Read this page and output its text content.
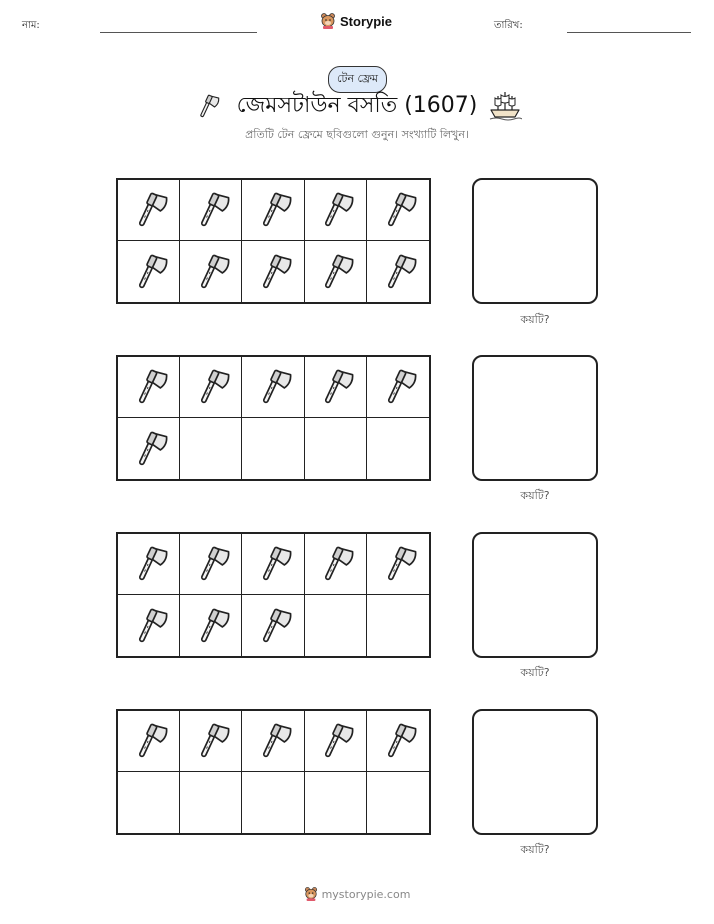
নাম:	Storypie	তারিখ:
টেন ফ্রেম
জেমসটাউন বসতি (1607)
প্রতিটি টেন ফ্রেমে ছবিগুলো গুনুন। সংখ্যাটি লিখুন।
কয়টি?
কয়টি?
কয়টি?
কয়টি?
mystorypie.com
